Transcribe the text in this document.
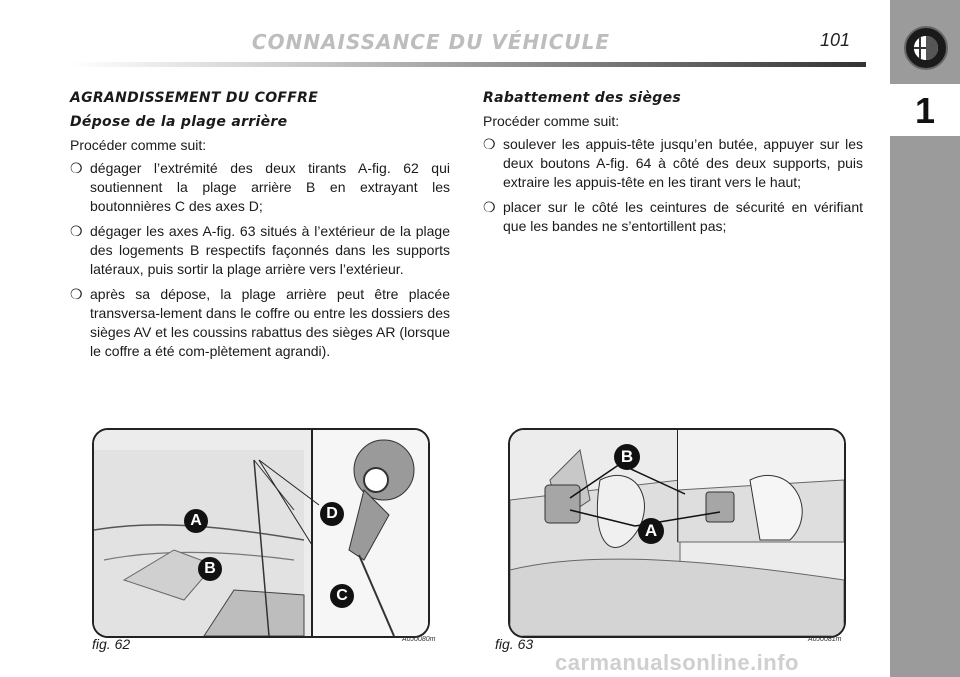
CONNAISSANCE DU VÉHICULE	101
1
AGRANDISSEMENT DU COFFRE
Dépose de la plage arrière
Procéder comme suit:
❍ dégager l’extrémité des deux tirants A-fig. 62 qui soutiennent la plage arrière B en extrayant les boutonnières C des axes D;
❍ dégager les axes A-fig. 63 situés à l’extérieur de la plage des logements B respectifs façonnés dans les supports latéraux, puis sortir la plage arrière vers l’extérieur.
❍ après sa dépose, la plage arrière peut être placée transversa-lement dans le coffre ou entre les dossiers des sièges AV et les coussins rabattus des sièges AR (lorsque le coffre a été com-plètement agrandi).
Rabattement des sièges
Procéder comme suit:
❍ soulever les appuis-tête jusqu’en butée, appuyer sur les deux boutons A-fig. 64 à côté des deux supports, puis extraire les appuis-tête en les tirant vers le haut;
❍ placer sur le côté les ceintures de sécurité en vérifiant que les bandes ne s’entortillent pas;
A
B
D
C
fig. 62	A0J0080m
B
A
fig. 63	A0J0081m
carmanualsonline.info
